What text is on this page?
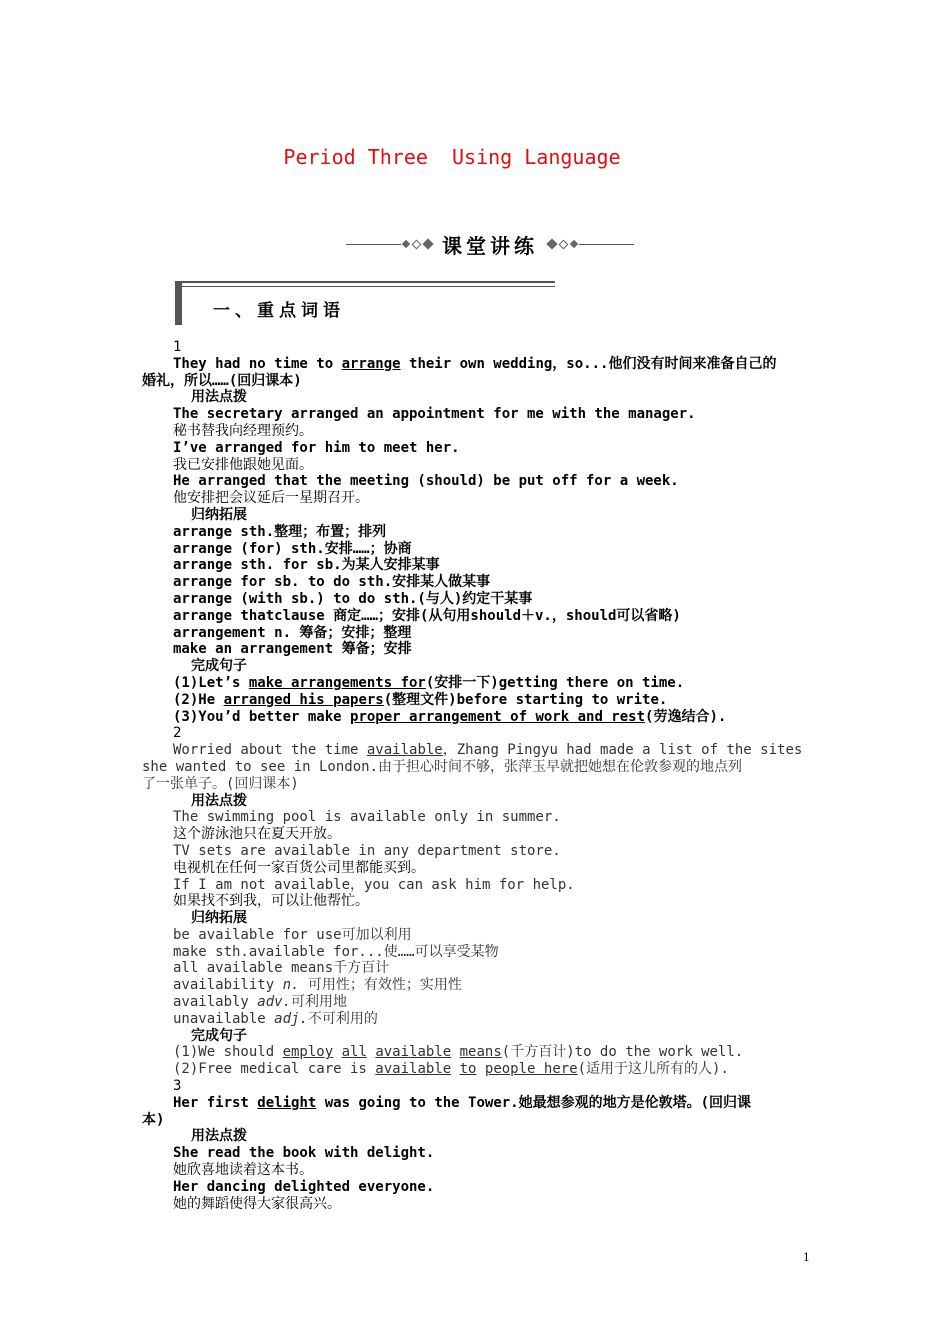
Period Three  Using Language
课堂讲练
一、重点词语
1
They had no time to arrange their own wedding，so...他们没有时间来准备自己的
婚礼，所以……(回归课本)
用法点拨
The secretary arranged an appointment for me with the manager.
秘书替我向经理预约。
I’ve arranged for him to meet her.
我已安排他跟她见面。
He arranged that the meeting (should) be put off for a week.
他安排把会议延后一星期召开。
归纳拓展
arrange sth.整理；布置；排列
arrange (for) sth.安排……；协商
arrange sth. for sb.为某人安排某事
arrange for sb. to do sth.安排某人做某事
arrange (with sb.) to do sth.(与人)约定干某事
arrange thatclause 商定……；安排(从句用should＋v.，should可以省略)
arrangement n. 筹备；安排；整理
make an arrangement 筹备；安排
完成句子
(1)Let’s make arrangements for(安排一下)getting there on time.
(2)He arranged his papers(整理文件)before starting to write.
(3)You’d better make proper arrangement of work and rest(劳逸结合).
2
Worried about the time available，Zhang Pingyu had made a list of the sites
she wanted to see in London.由于担心时间不够，张萍玉早就把她想在伦敦参观的地点列
了一张单子。(回归课本)
用法点拨
The swimming pool is available only in summer.
这个游泳池只在夏天开放。
TV sets are available in any department store.
电视机在任何一家百货公司里都能买到。
If I am not available，you can ask him for help.
如果找不到我，可以让他帮忙。
归纳拓展
be available for use可加以利用
make sth.available for...使……可以享受某物
all available means千方百计
availability n. 可用性；有效性；实用性
availably adv.可利用地
unavailable adj.不可利用的
完成句子
(1)We should employ all available means(千方百计)to do the work well.
(2)Free medical care is available to people here(适用于这儿所有的人).
3
Her first delight was going to the Tower.她最想参观的地方是伦敦塔。(回归课
本)
用法点拨
She read the book with delight.
她欣喜地读着这本书。
Her dancing delighted everyone.
她的舞蹈使得大家很高兴。
1
